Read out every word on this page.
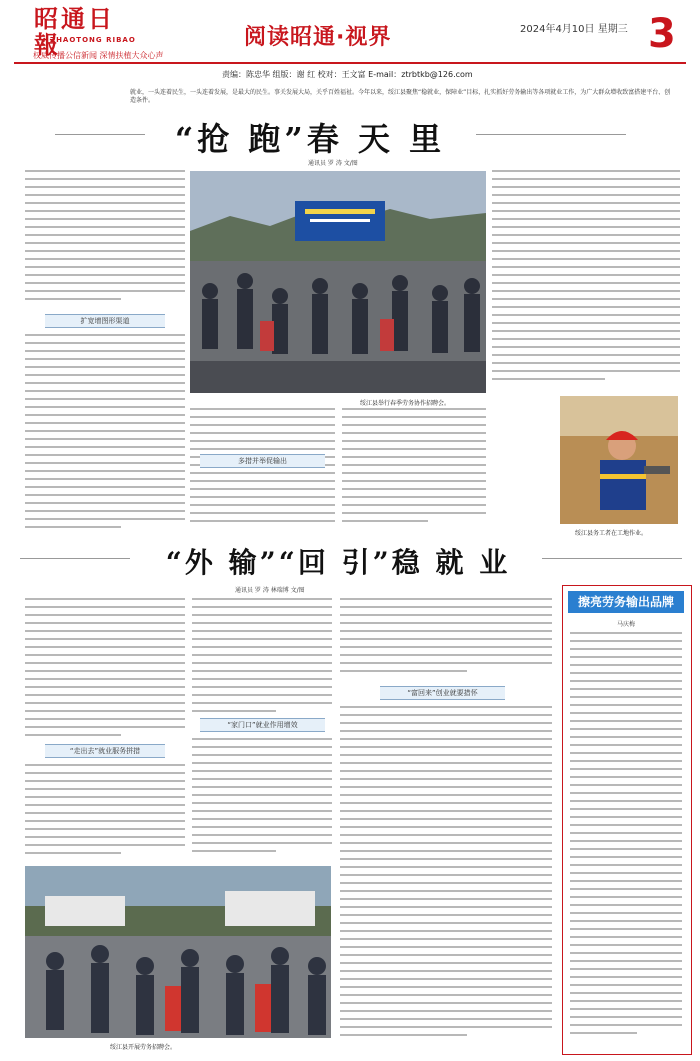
昭通日報
ZHAOTONG RIBAO
权威传播公信新闻 深情扶植大众心声
阅读昭通·视界	2024年4月10日 星期三 3
责编：陈忠华 组版：谢 红 校对：王文富 E-mail：ztrbtkb@126.com
就业，一头连着民生，一头连着发展，是最大的民生。事关发展大局，关乎百姓福祉。今年以来，绥江县聚焦“稳就业，保障业”目标，扎实抓好劳务输出等各项就业工作，为广大群众增收致富搭建平台、创造条件。
“抢 跑”春 天 里
通讯员 罗 涛 文/图
扩宽增图形渠道
绥江县举行春季劳务协作招聘会。
多措并举促输出
绥江县务工者在工地作业。
“外 输”“回 引”稳 就 业
通讯员 罗 涛 林瑞博 文/图
“走出去”就业服务拼措
“家门口”就业作用增效
“富回来”创业就要措怀
绥江县开展劳务招聘会。
擦亮劳务输出品牌
马庆梅
